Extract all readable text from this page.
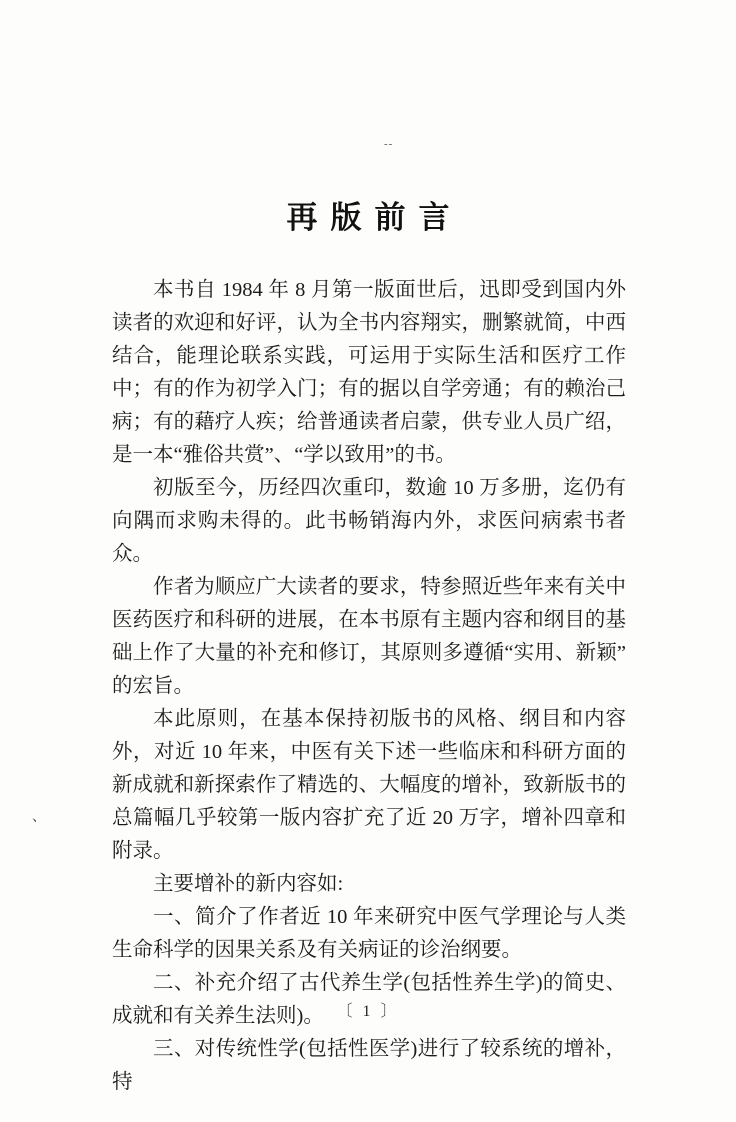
--
、
再版前言

本书自 1984 年 8 月第一版面世后，迅即受到国内外读者的欢迎和好评，认为全书内容翔实，删繁就简，中西结合，能理论联系实践，可运用于实际生活和医疗工作中；有的作为初学入门；有的据以自学旁通；有的赖治己病；有的藉疗人疾；给普通读者启蒙，供专业人员广绍，是一本“雅俗共赏”、“学以致用”的书。

初版至今，历经四次重印，数逾 10 万多册，迄仍有向隅而求购未得的。此书畅销海内外，求医问病索书者众。

作者为顺应广大读者的要求，特参照近些年来有关中医药医疗和科研的进展，在本书原有主题内容和纲目的基础上作了大量的补充和修订，其原则多遵循“实用、新颖”的宏旨。

本此原则，在基本保持初版书的风格、纲目和内容外，对近 10 年来，中医有关下述一些临床和科研方面的新成就和新探索作了精选的、大幅度的增补，致新版书的总篇幅几乎较第一版内容扩充了近 20 万字，增补四章和附录。

主要增补的新内容如:

一、简介了作者近 10 年来研究中医气学理论与人类生命科学的因果关系及有关病证的诊治纲要。

二、补充介绍了古代养生学(包括性养生学)的简史、成就和有关养生法则)。

三、对传统性学(包括性医学)进行了较系统的增补，特

〔 1 〕
